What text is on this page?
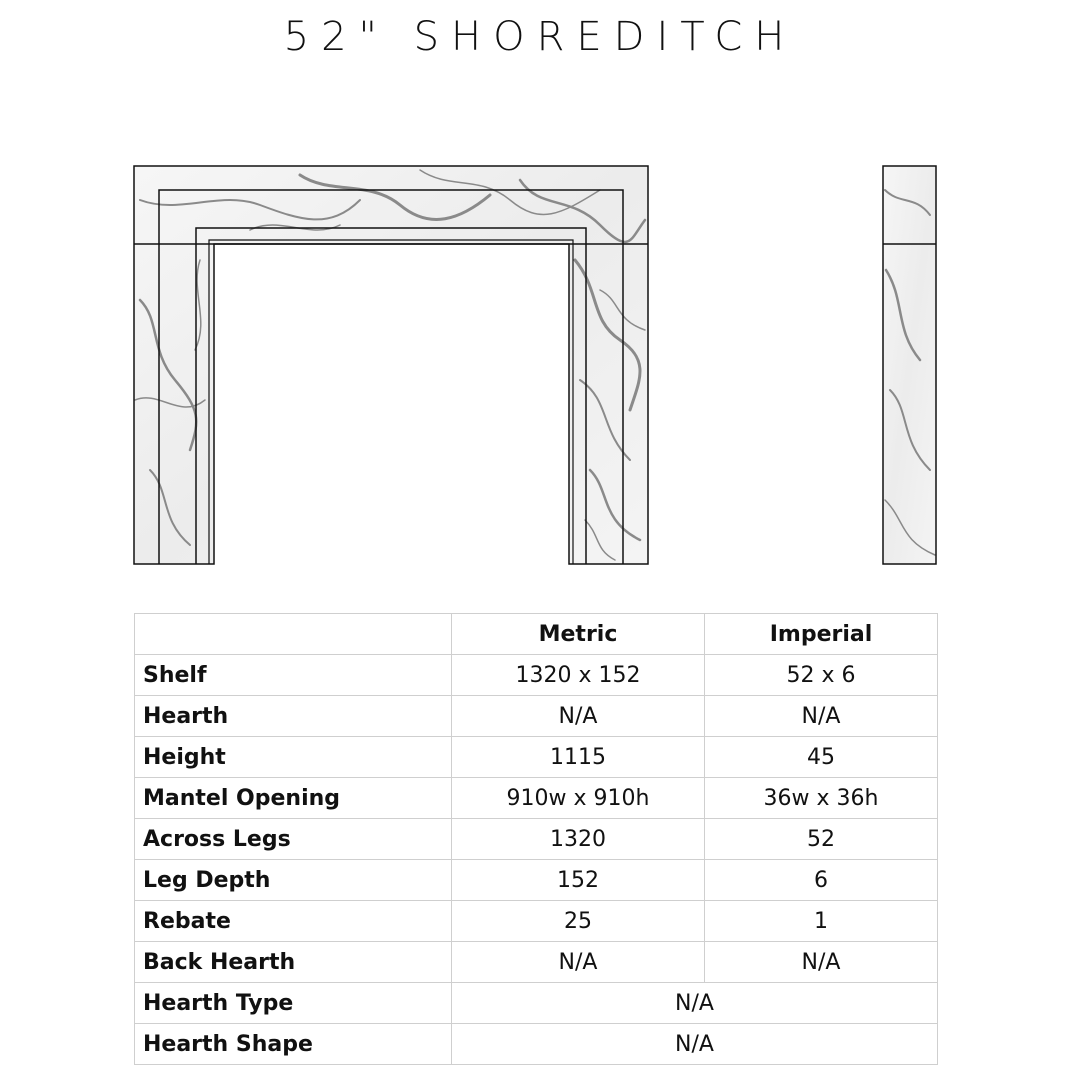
52" SHOREDITCH
	Metric	Imperial
Shelf	1320 x 152	52 x 6
Hearth	N/A	N/A
Height	1115	45
Mantel Opening	910w x 910h	36w x 36h
Across Legs	1320	52
Leg Depth	152	6
Rebate	25	1
Back Hearth	N/A	N/A
Hearth Type	N/A	
Hearth Shape	N/A	
